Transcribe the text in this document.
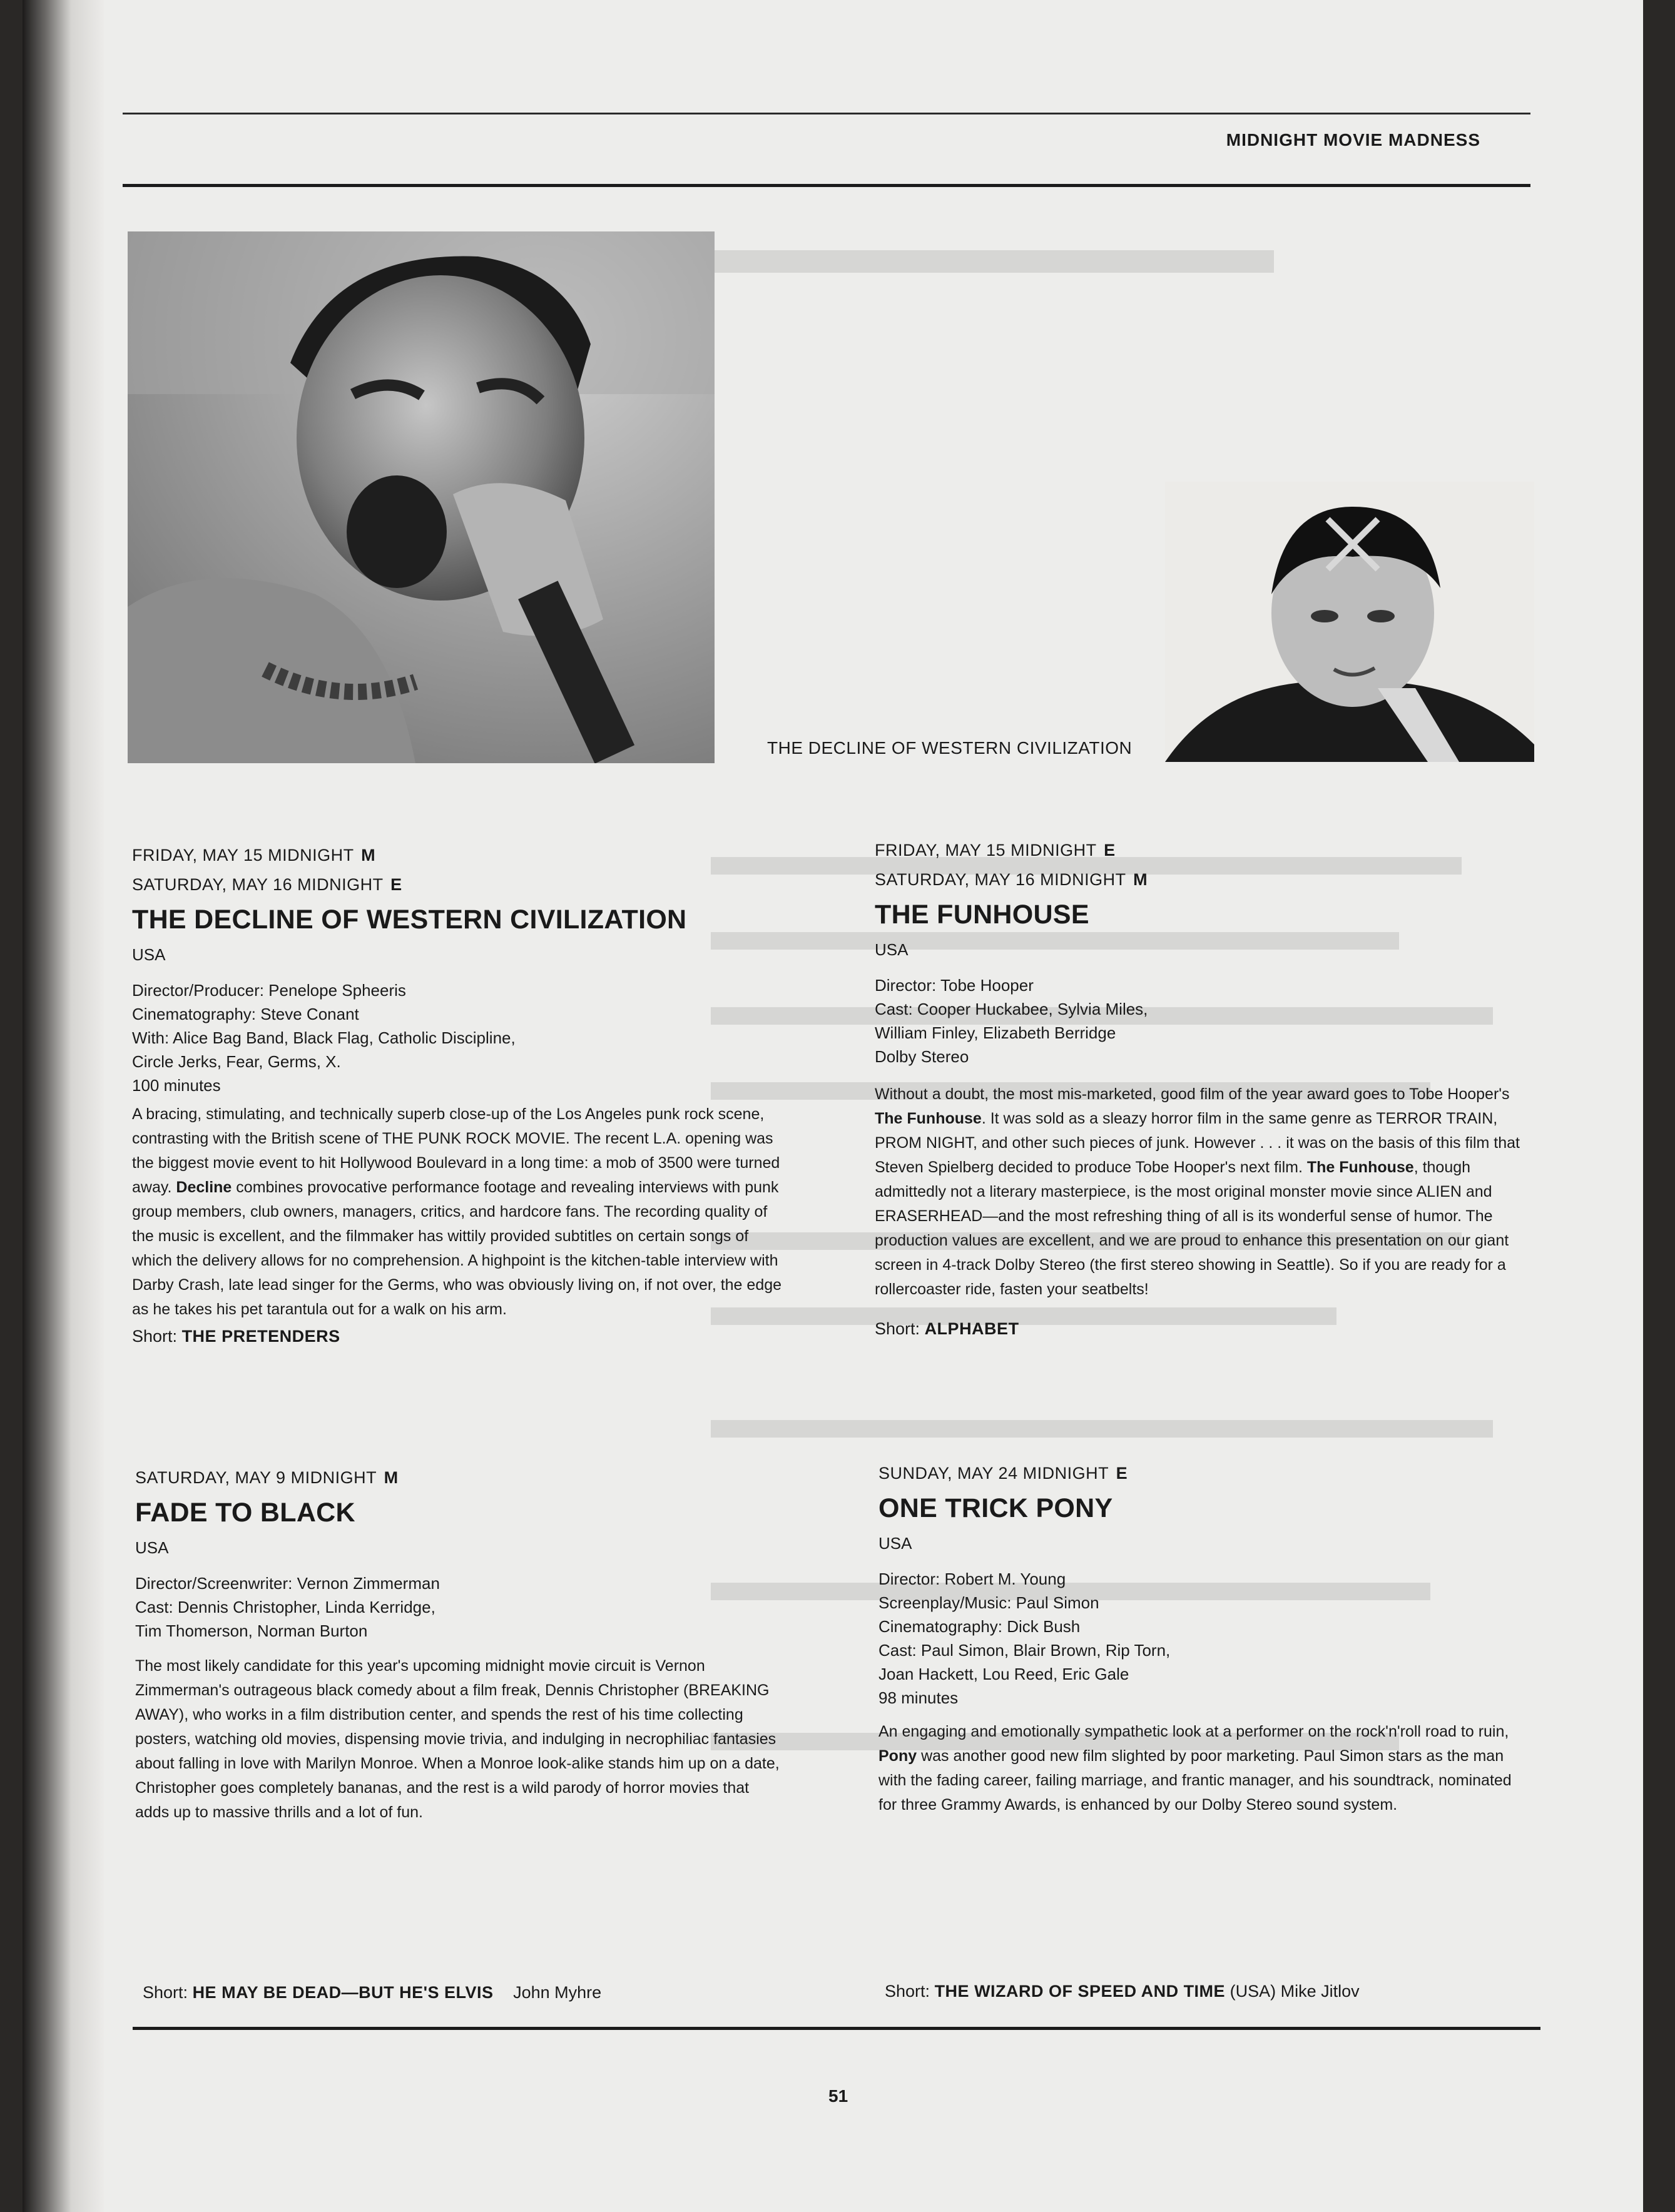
MIDNIGHT MOVIE MADNESS
THE DECLINE OF WESTERN CIVILIZATION
FRIDAY, MAY 15 MIDNIGHT M
SATURDAY, MAY 16 MIDNIGHT E
THE DECLINE OF WESTERN CIVILIZATION
USA
Director/Producer: Penelope Spheeris
Cinematography: Steve Conant
With: Alice Bag Band, Black Flag, Catholic Discipline,
Circle Jerks, Fear, Germs, X.
100 minutes
A bracing, stimulating, and technically superb close-up of the Los Angeles punk rock scene, contrasting with the British scene of THE PUNK ROCK MOVIE. The recent L.A. opening was the biggest movie event to hit Hollywood Boulevard in a long time: a mob of 3500 were turned away. Decline combines provocative performance footage and revealing interviews with punk group members, club owners, managers, critics, and hardcore fans. The recording quality of the music is excellent, and the filmmaker has wittily provided subtitles on certain songs of which the delivery allows for no comprehension. A highpoint is the kitchen-table interview with Darby Crash, late lead singer for the Germs, who was obviously living on, if not over, the edge as he takes his pet tarantula out for a walk on his arm.
Short: THE PRETENDERS
FRIDAY, MAY 15 MIDNIGHT E
SATURDAY, MAY 16 MIDNIGHT M
THE FUNHOUSE
USA
Director: Tobe Hooper
Cast: Cooper Huckabee, Sylvia Miles,
William Finley, Elizabeth Berridge
Dolby Stereo
Without a doubt, the most mis-marketed, good film of the year award goes to Tobe Hooper's The Funhouse. It was sold as a sleazy horror film in the same genre as TERROR TRAIN, PROM NIGHT, and other such pieces of junk. However . . . it was on the basis of this film that Steven Spielberg decided to produce Tobe Hooper's next film. The Funhouse, though admittedly not a literary masterpiece, is the most original monster movie since ALIEN and ERASERHEAD—and the most refreshing thing of all is its wonderful sense of humor. The production values are excellent, and we are proud to enhance this presentation on our giant screen in 4-track Dolby Stereo (the first stereo showing in Seattle). So if you are ready for a rollercoaster ride, fasten your seatbelts!
Short: ALPHABET
SATURDAY, MAY 9 MIDNIGHT M
FADE TO BLACK
USA
Director/Screenwriter: Vernon Zimmerman
Cast: Dennis Christopher, Linda Kerridge,
Tim Thomerson, Norman Burton
The most likely candidate for this year's upcoming midnight movie circuit is Vernon Zimmerman's outrageous black comedy about a film freak, Dennis Christopher (BREAKING AWAY), who works in a film distribution center, and spends the rest of his time collecting posters, watching old movies, dispensing movie trivia, and indulging in necrophiliac fantasies about falling in love with Marilyn Monroe. When a Monroe look-alike stands him up on a date, Christopher goes completely bananas, and the rest is a wild parody of horror movies that adds up to massive thrills and a lot of fun.
SUNDAY, MAY 24 MIDNIGHT E
ONE TRICK PONY
USA
Director: Robert M. Young
Screenplay/Music: Paul Simon
Cinematography: Dick Bush
Cast: Paul Simon, Blair Brown, Rip Torn,
Joan Hackett, Lou Reed, Eric Gale
98 minutes
An engaging and emotionally sympathetic look at a performer on the rock'n'roll road to ruin, Pony was another good new film slighted by poor marketing. Paul Simon stars as the man with the fading career, failing marriage, and frantic manager, and his soundtrack, nominated for three Grammy Awards, is enhanced by our Dolby Stereo sound system.
Short: HE MAY BE DEAD—BUT HE'S ELVIS John Myhre	Short: THE WIZARD OF SPEED AND TIME (USA) Mike Jitlov
51
